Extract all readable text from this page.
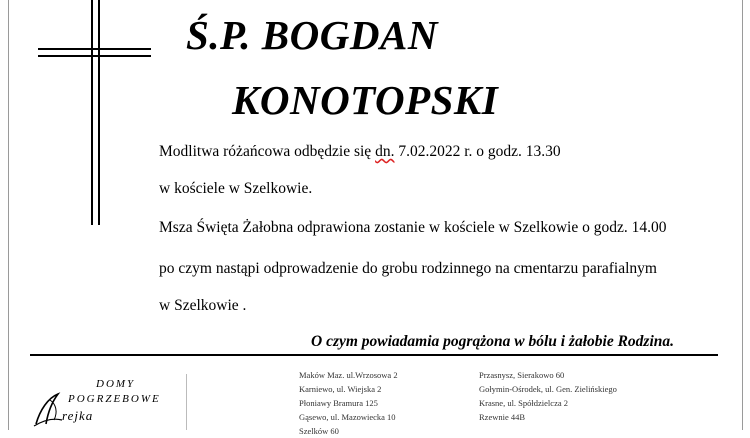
Ś.P. BOGDAN
KONOTOPSKI
Modlitwa różańcowa odbędzie się dn. 7.02.2022 r. o godz. 13.30
w kościele w Szelkowie.
Msza Święta Żałobna odprawiona zostanie w kościele w Szelkowie o godz. 14.00
po czym nastąpi odprowadzenie do grobu rodzinnego na cmentarzu parafialnym
w Szelkowie .
O czym powiadamia pogrążona w bólu i żałobie Rodzina.
DOMY
POGRZEBOWE
rejka
Maków Maz. ul.Wrzosowa 2
Karniewo, ul. Wiejska 2
Płoniawy Bramura 125
Gąsewo, ul. Mazowiecka 10
Szelków 60
Przasnysz, Sierakowo 60
Gołymin-Ośrodek, ul. Gen. Zielińskiego
Krasne, ul. Spółdzielcza 2
Rzewnie 44B
